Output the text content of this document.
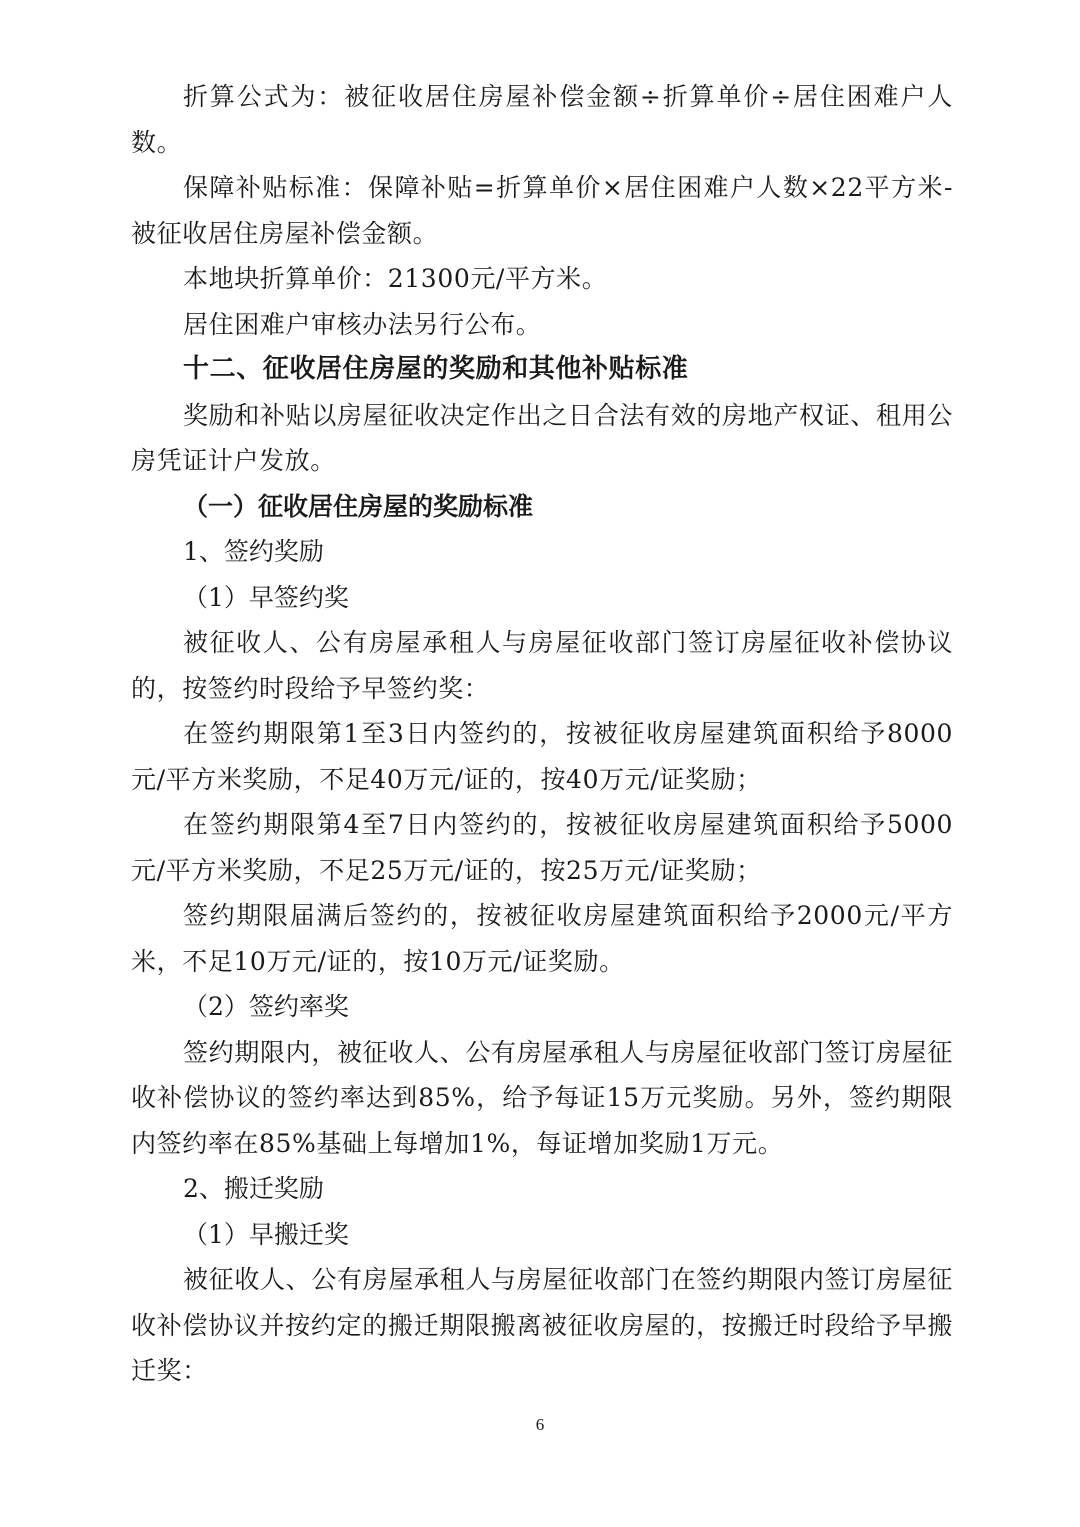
折算公式为：被征收居住房屋补偿金额÷折算单价÷居住困难户人数。

保障补贴标准：保障补贴=折算单价×居住困难户人数×22平方米-被征收居住房屋补偿金额。

本地块折算单价：21300元/平方米。

居住困难户审核办法另行公布。

十二、征收居住房屋的奖励和其他补贴标准

奖励和补贴以房屋征收决定作出之日合法有效的房地产权证、租用公房凭证计户发放。

（一）征收居住房屋的奖励标准

1、签约奖励

（1）早签约奖

被征收人、公有房屋承租人与房屋征收部门签订房屋征收补偿协议的，按签约时段给予早签约奖：

在签约期限第1至3日内签约的，按被征收房屋建筑面积给予8000元/平方米奖励，不足40万元/证的，按40万元/证奖励；

在签约期限第4至7日内签约的，按被征收房屋建筑面积给予5000元/平方米奖励，不足25万元/证的，按25万元/证奖励；

签约期限届满后签约的，按被征收房屋建筑面积给予2000元/平方米，不足10万元/证的，按10万元/证奖励。

（2）签约率奖

签约期限内，被征收人、公有房屋承租人与房屋征收部门签订房屋征收补偿协议的签约率达到85%，给予每证15万元奖励。另外，签约期限内签约率在85%基础上每增加1%，每证增加奖励1万元。

2、搬迁奖励

（1）早搬迁奖

被征收人、公有房屋承租人与房屋征收部门在签约期限内签订房屋征收补偿协议并按约定的搬迁期限搬离被征收房屋的，按搬迁时段给予早搬迁奖：

6
